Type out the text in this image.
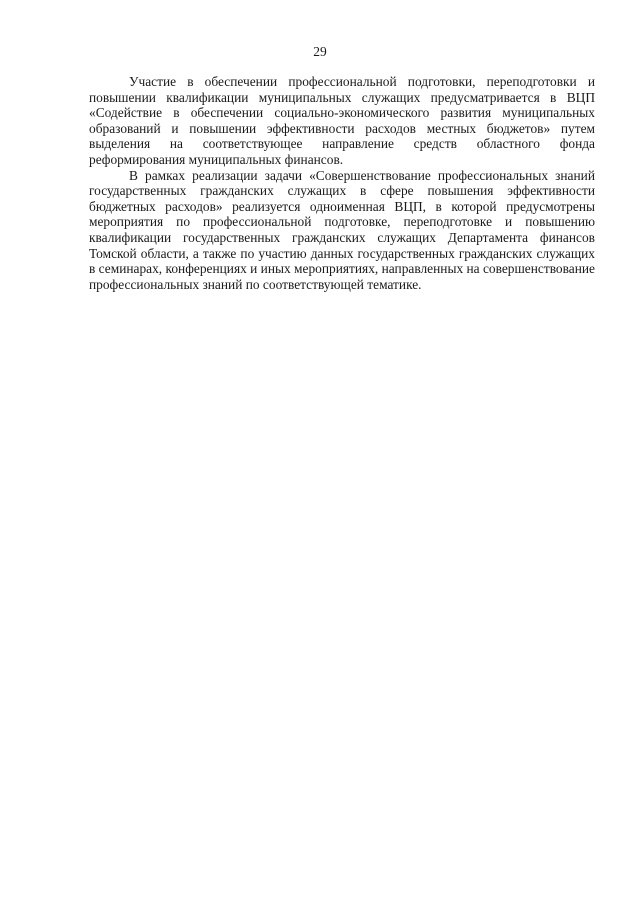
29

Участие в обеспечении профессиональной подготовки, переподготовки и повышении квалификации муниципальных служащих предусматривается в ВЦП «Содействие в обеспечении социально-экономического развития муниципальных образований и повышении эффективности расходов местных бюджетов» путем выделения на соответствующее направление средств областного фонда реформирования муниципальных финансов.

В рамках реализации задачи «Совершенствование профессиональных знаний государственных гражданских служащих в сфере повышения эффективности бюджетных расходов» реализуется одноименная ВЦП, в которой предусмотрены мероприятия по профессиональной подготовке, переподготовке и повышению квалификации государственных гражданских служащих Департамента финансов Томской области, а также по участию данных государственных гражданских служащих в семинарах, конференциях и иных мероприятиях, направленных на совершенствование профессиональных знаний по соответствующей тематике.
